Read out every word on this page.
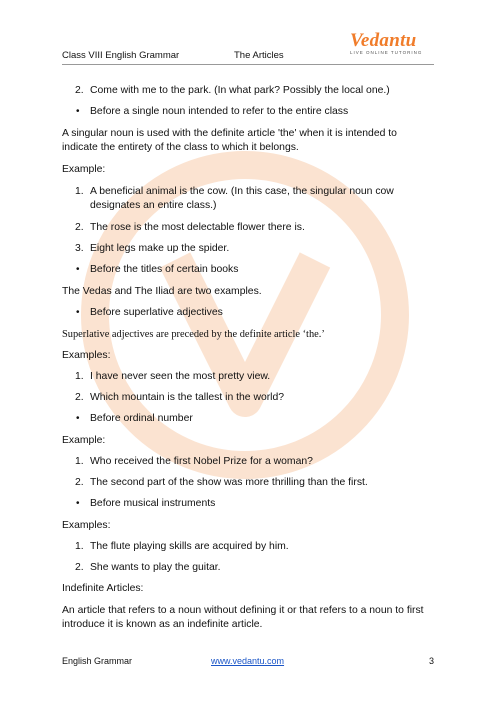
Class VIII English Grammar	The Articles
Vedantu
LIVE ONLINE TUTORING
2. Come with me to the park. (In what park? Possibly the local one.)
• Before a single noun intended to refer to the entire class
A singular noun is used with the definite article 'the' when it is intended to
indicate the entirety of the class to which it belongs.
Example:
1. A beneficial animal is the cow. (In this case, the singular noun cow
designates an entire class.)
2. The rose is the most delectable flower there is.
3. Eight legs make up the spider.
• Before the titles of certain books
The Vedas and The Iliad are two examples.
• Before superlative adjectives
Superlative adjectives are preceded by the definite article ‘the.’
Examples:
1. I have never seen the most pretty view.
2. Which mountain is the tallest in the world?
• Before ordinal number
Example:
1. Who received the first Nobel Prize for a woman?
2. The second part of the show was more thrilling than the first.
• Before musical instruments
Examples:
1. The flute playing skills are acquired by him.
2. She wants to play the guitar.
Indefinite Articles:
An article that refers to a noun without defining it or that refers to a noun to first
introduce it is known as an indefinite article.
English Grammar	www.vedantu.com	3
